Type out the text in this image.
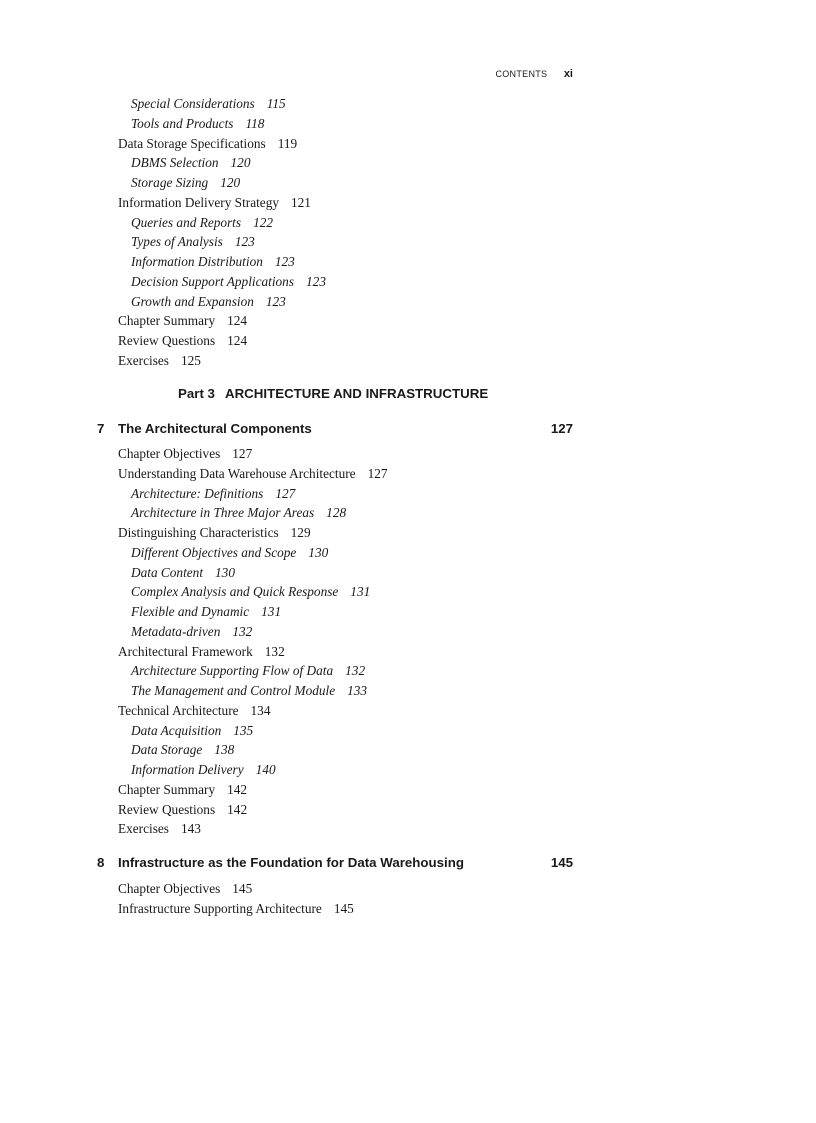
CONTENTS xi
Part 3 ARCHITECTURE AND INFRASTRUCTURE
7 The Architectural Components	127
8 Infrastructure as the Foundation for Data Warehousing	145
Special Considerations 115
Tools and Products 118
Data Storage Specifications 119
DBMS Selection 120
Storage Sizing 120
Information Delivery Strategy 121
Queries and Reports 122
Types of Analysis 123
Information Distribution 123
Decision Support Applications 123
Growth and Expansion 123
Chapter Summary 124
Review Questions 124
Exercises 125
Chapter Objectives 127
Understanding Data Warehouse Architecture 127
Architecture: Definitions 127
Architecture in Three Major Areas 128
Distinguishing Characteristics 129
Different Objectives and Scope 130
Data Content 130
Complex Analysis and Quick Response 131
Flexible and Dynamic 131
Metadata-driven 132
Architectural Framework 132
Architecture Supporting Flow of Data 132
The Management and Control Module 133
Technical Architecture 134
Data Acquisition 135
Data Storage 138
Information Delivery 140
Chapter Summary 142
Review Questions 142
Exercises 143
Chapter Objectives 145
Infrastructure Supporting Architecture 145
